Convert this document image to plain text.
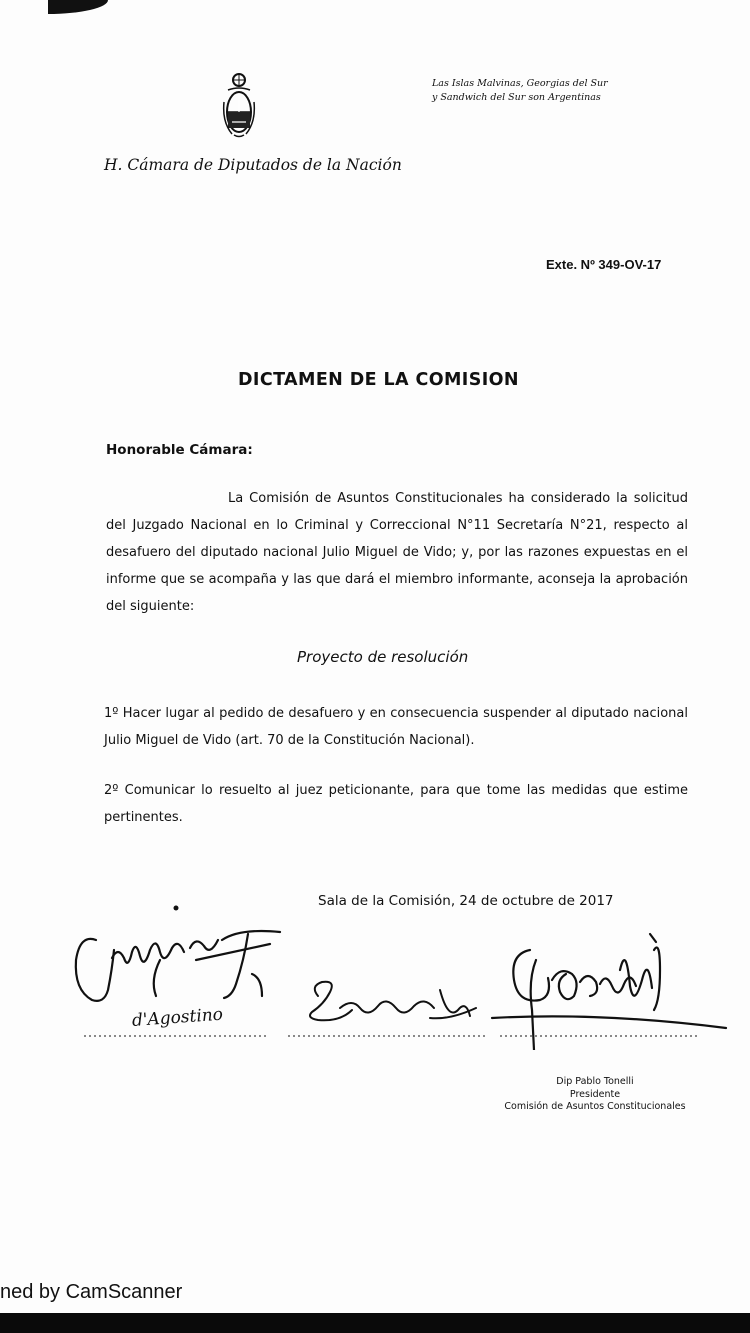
Las Islas Malvinas, Georgias del Sur
y Sandwich del Sur son Argentinas
H. Cámara de Diputados de la Nación
Exte. Nº 349-OV-17
DICTAMEN DE LA COMISION
Honorable Cámara:
La Comisión de Asuntos Constitucionales ha considerado la solicitud del Juzgado Nacional en lo Criminal y Correccional N°11 Secretaría N°21, respecto al desafuero del diputado nacional Julio Miguel de Vido; y, por las razones expuestas en el informe que se acompaña y las que dará el miembro informante, aconseja la aprobación del siguiente:
Proyecto de resolución
1º Hacer lugar al pedido de desafuero y en consecuencia suspender al diputado nacional Julio Miguel de Vido (art. 70 de la Constitución Nacional).
2º Comunicar lo resuelto al juez peticionante, para que tome las medidas que estime pertinentes.
Sala de la Comisión, 24 de octubre de 2017
d'Agostino
Dip Pablo Tonelli
Presidente
Comisión de Asuntos Constitucionales
ned by CamScanner
